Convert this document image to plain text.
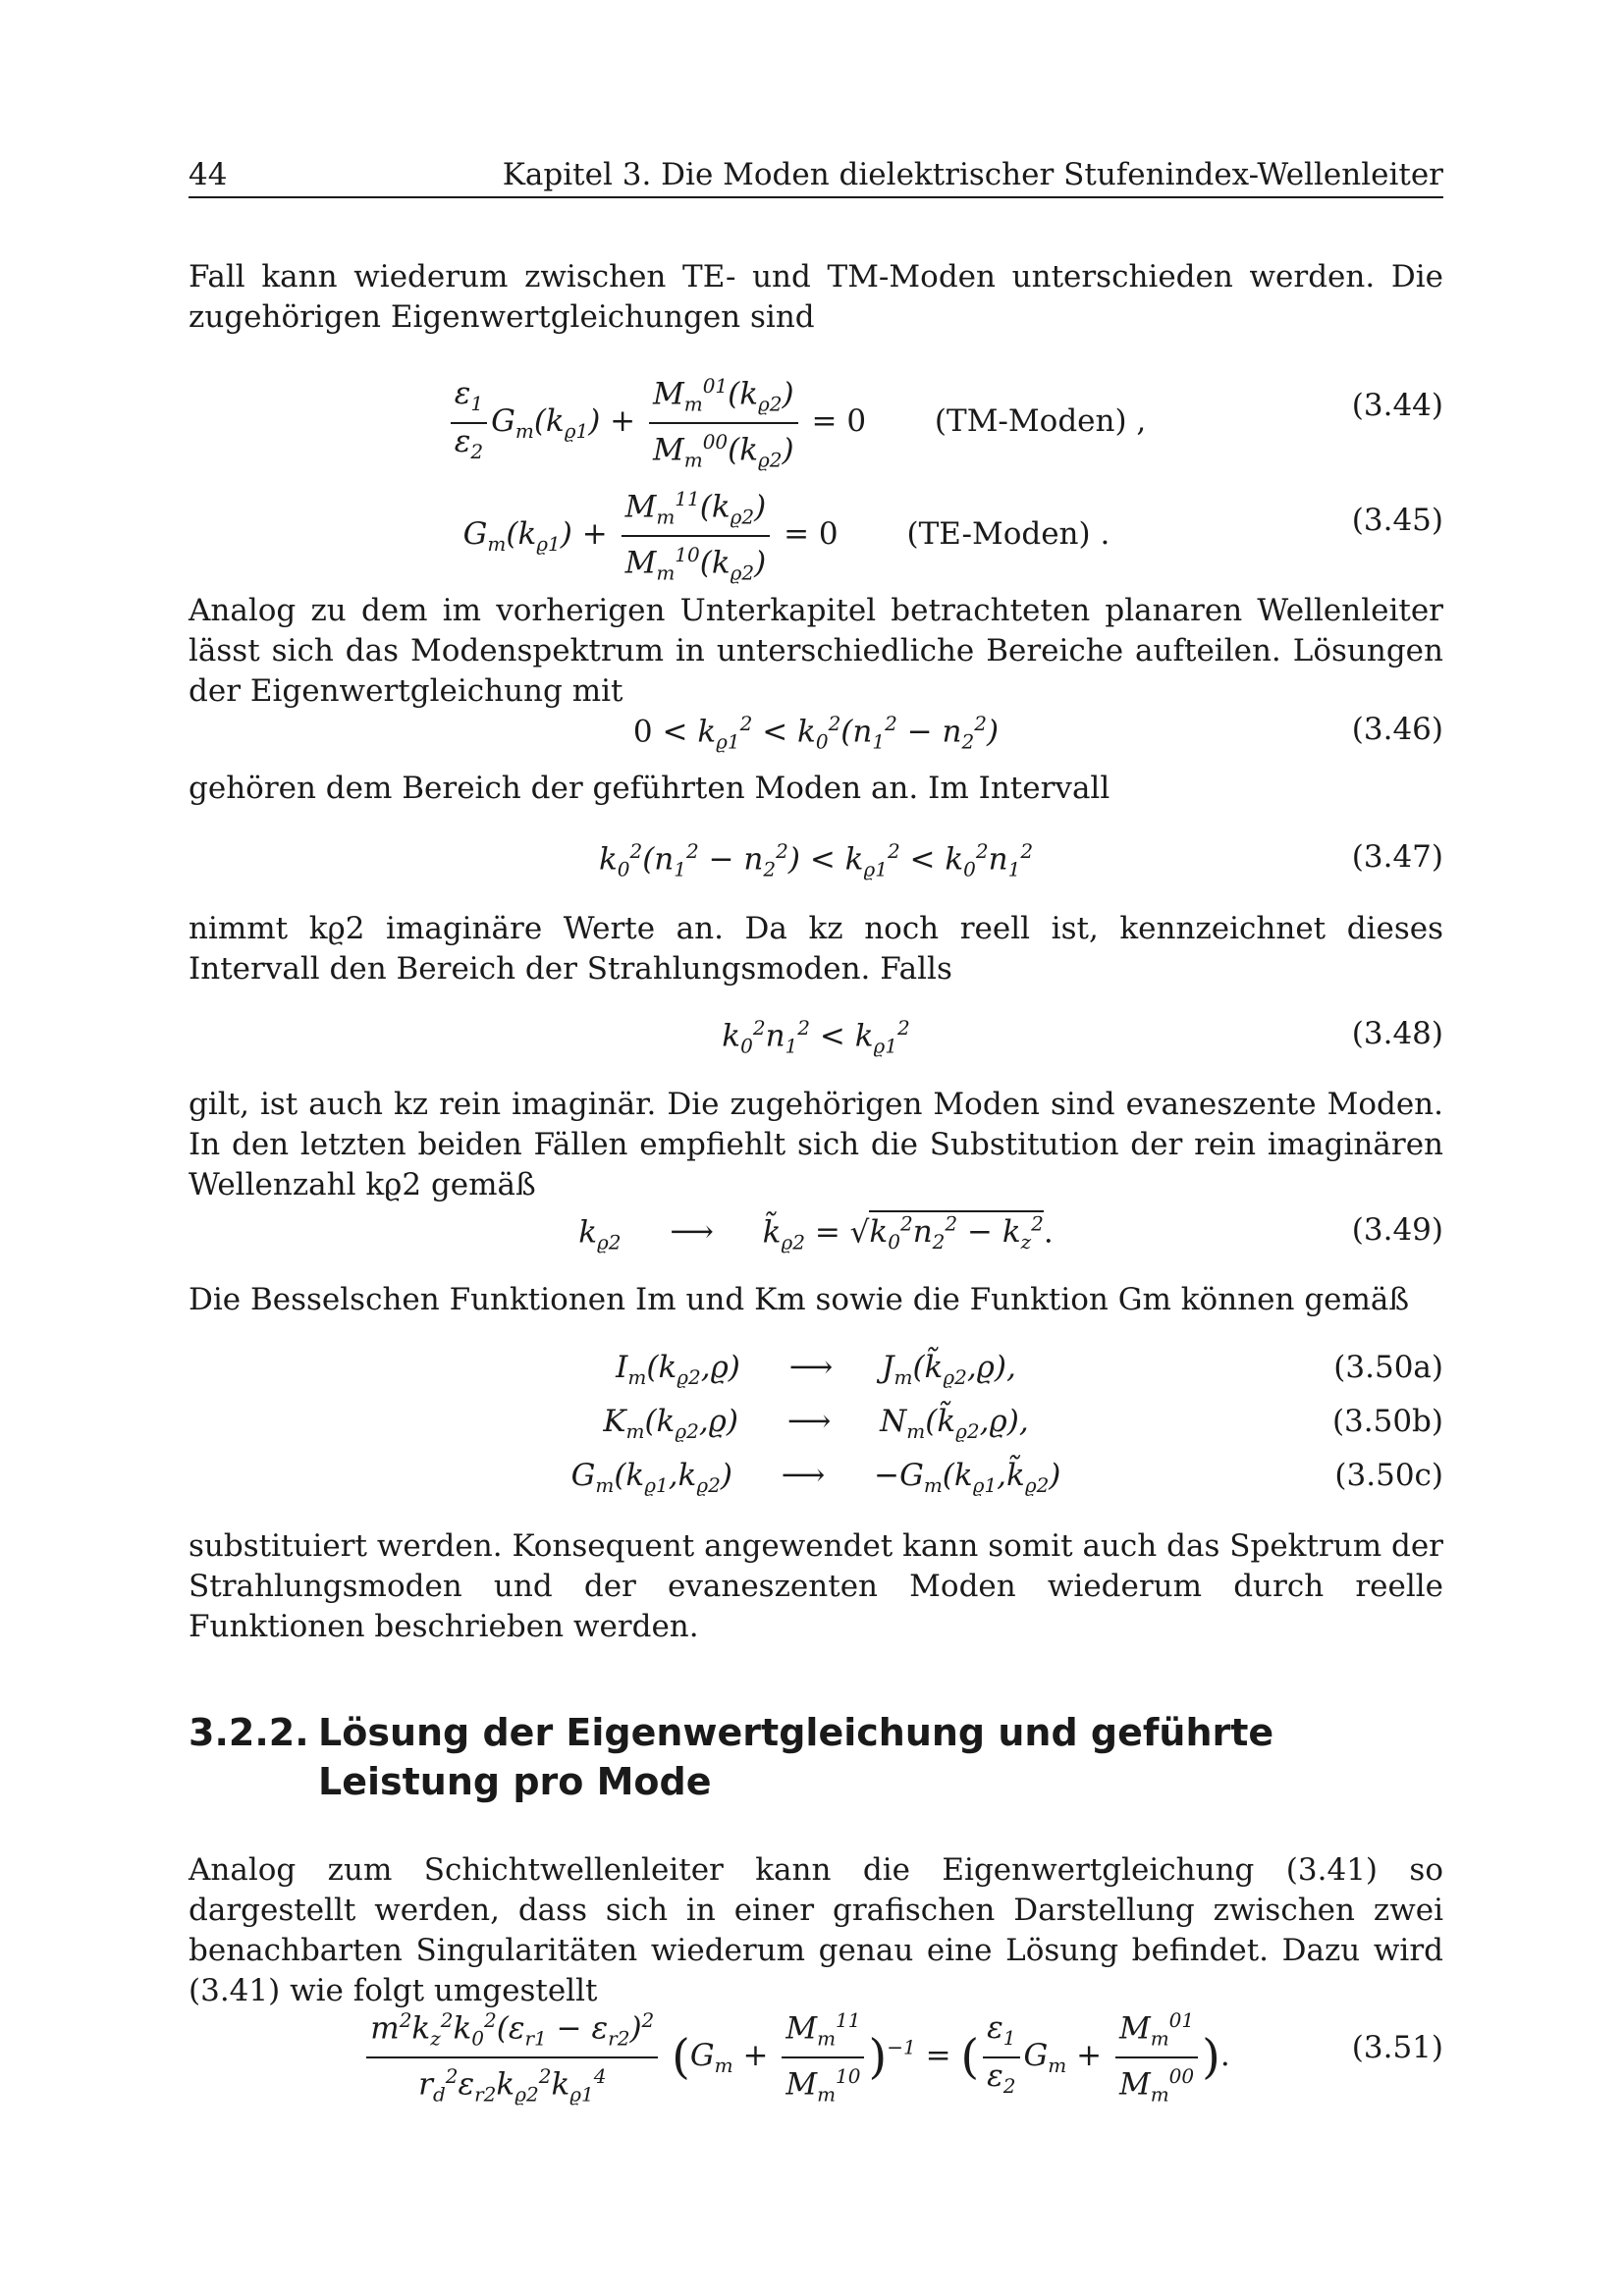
44	Kapitel 3. Die Moden dielektrischer Stufenindex-Wellenleiter

Fall kann wiederum zwischen TE- und TM-Moden unterschieden werden. Die zugehörigen Eigenwertgleichungen sind

$\frac{\varepsilon_1}{\varepsilon_2} G_m(k_{ϱ1}) + \frac{M_m^{01}(k_{ϱ2})}{M_m^{00}(k_{ϱ2})} = 0$ (TM-Moden) ,	(3.44)
$G_m(k_{ϱ1}) + \frac{M_m^{11}(k_{ϱ2})}{M_m^{10}(k_{ϱ2})} = 0$ (TE-Moden) .	(3.45)

Analog zu dem im vorherigen Unterkapitel betrachteten planaren Wellenleiter lässt sich das Modenspektrum in unterschiedliche Bereiche aufteilen. Lösungen der Eigenwertgleichung mit

$0 < k_{ϱ1}^2 < k_0^2(n_1^2 - n_2^2)$	(3.46)

gehören dem Bereich der geführten Moden an. Im Intervall

$k_0^2(n_1^2 - n_2^2) < k_{ϱ1}^2 < k_0^2n_1^2$	(3.47)

nimmt kϱ2 imaginäre Werte an. Da kz noch reell ist, kennzeichnet dieses Intervall den Bereich der Strahlungsmoden. Falls

$k_0^2n_1^2 < k_{ϱ1}^2$	(3.48)

gilt, ist auch kz rein imaginär. Die zugehörigen Moden sind evaneszente Moden. In den letzten beiden Fällen empfiehlt sich die Substitution der rein imaginären Wellenzahl kϱ2 gemäß

$k_{ϱ2}$ ⟶ $k̃_{ϱ2} = √k_0^2n_2^2 - k_z^2$.	(3.49)

Die Besselschen Funktionen Im und Km sowie die Funktion Gm können gemäß

$I_m(k_{ϱ2},ϱ)$ ⟶ $J_m(k̃_{ϱ2},ϱ)$,	(3.50a)
$K_m(k_{ϱ2},ϱ)$ ⟶ $N_m(k̃_{ϱ2},ϱ)$,	(3.50b)
$G_m(k_{ϱ1},k_{ϱ2})$ ⟶ $-G_m(k_{ϱ1},k̃_{ϱ2})$	(3.50c)

substituiert werden. Konsequent angewendet kann somit auch das Spektrum der Strahlungsmoden und der evaneszenten Moden wiederum durch reelle Funktionen beschrieben werden.

3.2.2. Lösung der Eigenwertgleichung und geführte Leistung pro Mode

Analog zum Schichtwellenleiter kann die Eigenwertgleichung (3.41) so dargestellt werden, dass sich in einer grafischen Darstellung zwischen zwei benachbarten Singularitäten wiederum genau eine Lösung befindet. Dazu wird (3.41) wie folgt umgestellt

$\frac{m^2k_z^2k_0^2(\varepsilon_{r1} - \varepsilon_{r2})^2}{r_d^2\varepsilon_{r2}k_{ϱ2}^2k_{ϱ1}^4} (G_m + \frac{M_m^{11}}{M_m^{10}} )^{-1}$ = ( $\frac{\varepsilon_1}{\varepsilon_2} G_m + \frac{M_m^{01}}{M_m^{00}}$ ).	(3.51)
